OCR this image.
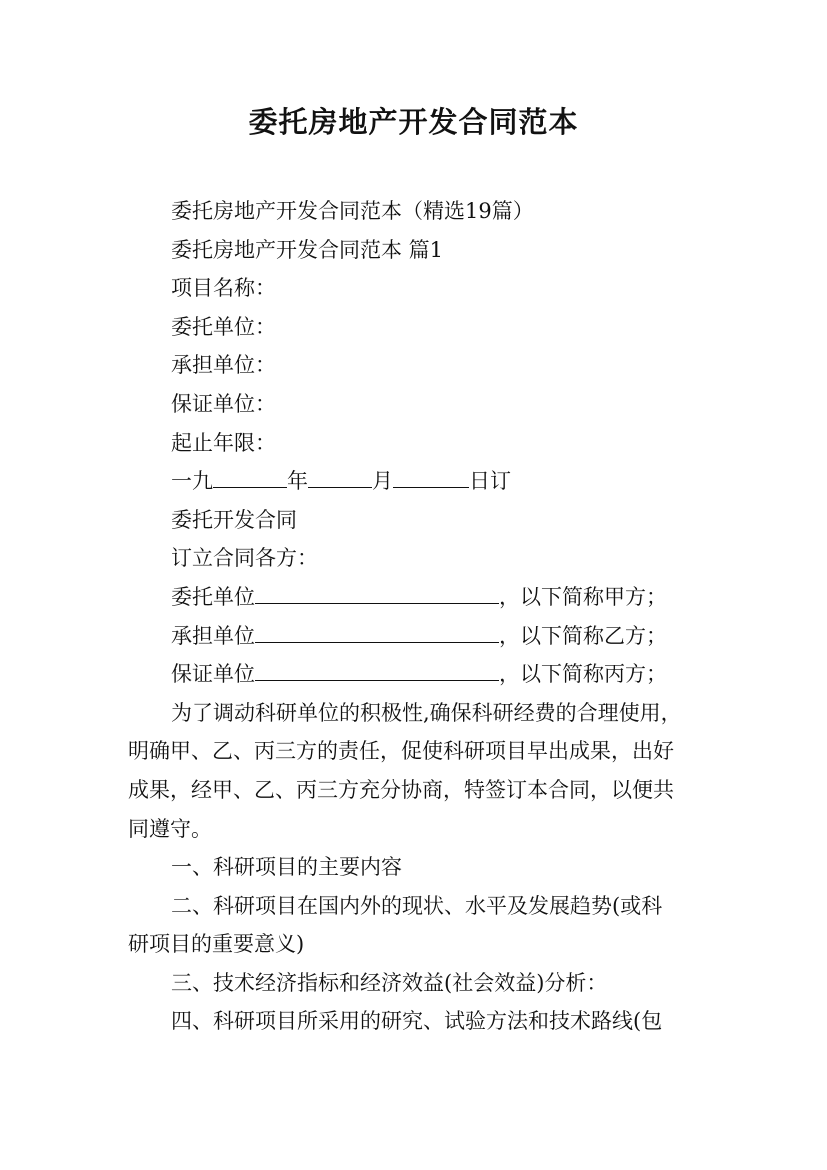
委托房地产开发合同范本
委托房地产开发合同范本（精选19篇）
委托房地产开发合同范本 篇1
项目名称：
委托单位：
承担单位：
保证单位：
起止年限：
一九	年	月	日订
委托开发合同
订立合同各方：
委托单位	，以下简称甲方；
承担单位	，以下简称乙方；
保证单位	，以下简称丙方；
为了调动科研单位的积极性,确保科研经费的合理使用，
明确甲、乙、丙三方的责任，促使科研项目早出成果，出好
成果，经甲、乙、丙三方充分协商，特签订本合同，以便共
同遵守。
一、科研项目的主要内容
二、科研项目在国内外的现状、水平及发展趋势(或科
研项目的重要意义)
三、技术经济指标和经济效益(社会效益)分析：
四、科研项目所采用的研究、试验方法和技术路线(包
